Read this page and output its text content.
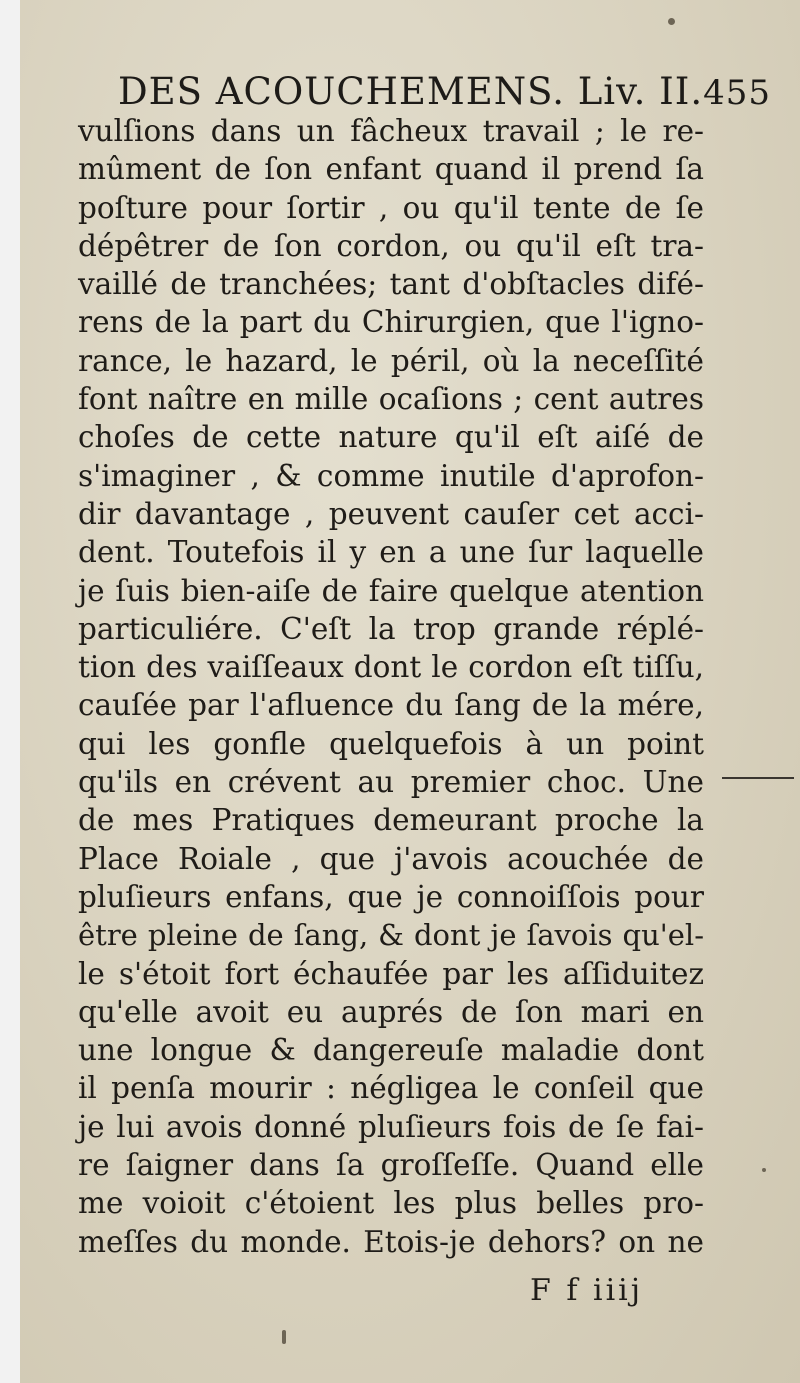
DES ACOUCHEMENS. Liv. II. 455
vulſions dans un fâcheux travail ; le re-
mûment de ſon enfant quand il prend ſa
poſture pour ſortir , ou qu'il tente de ſe
dépêtrer de ſon cordon, ou qu'il eſt tra-
vaillé de tranchées; tant d'obſtacles difé-
rens de la part du Chirurgien, que l'igno-
rance, le hazard, le péril, où la neceſſité
font naître en mille ocaſions ; cent autres
choſes de cette nature qu'il eſt aiſé de
s'imaginer , & comme inutile d'aprofon-
dir davantage , peuvent cauſer cet acci-
dent. Toutefois il y en a une ſur laquelle
je ſuis bien-aiſe de faire quelque atention
particuliére. C'eſt la trop grande réplé-
tion des vaiſſeaux dont le cordon eſt tiſſu,
cauſée par l'afluence du ſang de la mére,
qui les gonfle quelquefois à un point
qu'ils en crévent au premier choc. Une
de mes Pratiques demeurant proche la
Place Roiale , que j'avois acouchée de
pluſieurs enfans, que je connoiſſois pour
être pleine de ſang, & dont je ſavois qu'el-
le s'étoit fort échaufée par les aſſiduitez
qu'elle avoit eu auprés de ſon mari en
une longue & dangereuſe maladie dont
il penſa mourir : négligea le conſeil que
je lui avois donné pluſieurs fois de ſe fai-
re ſaigner dans ſa groſſeſſe. Quand elle
me voioit c'étoient les plus belles pro-
meſſes du monde. Etois-je dehors? on ne
F f iiij
